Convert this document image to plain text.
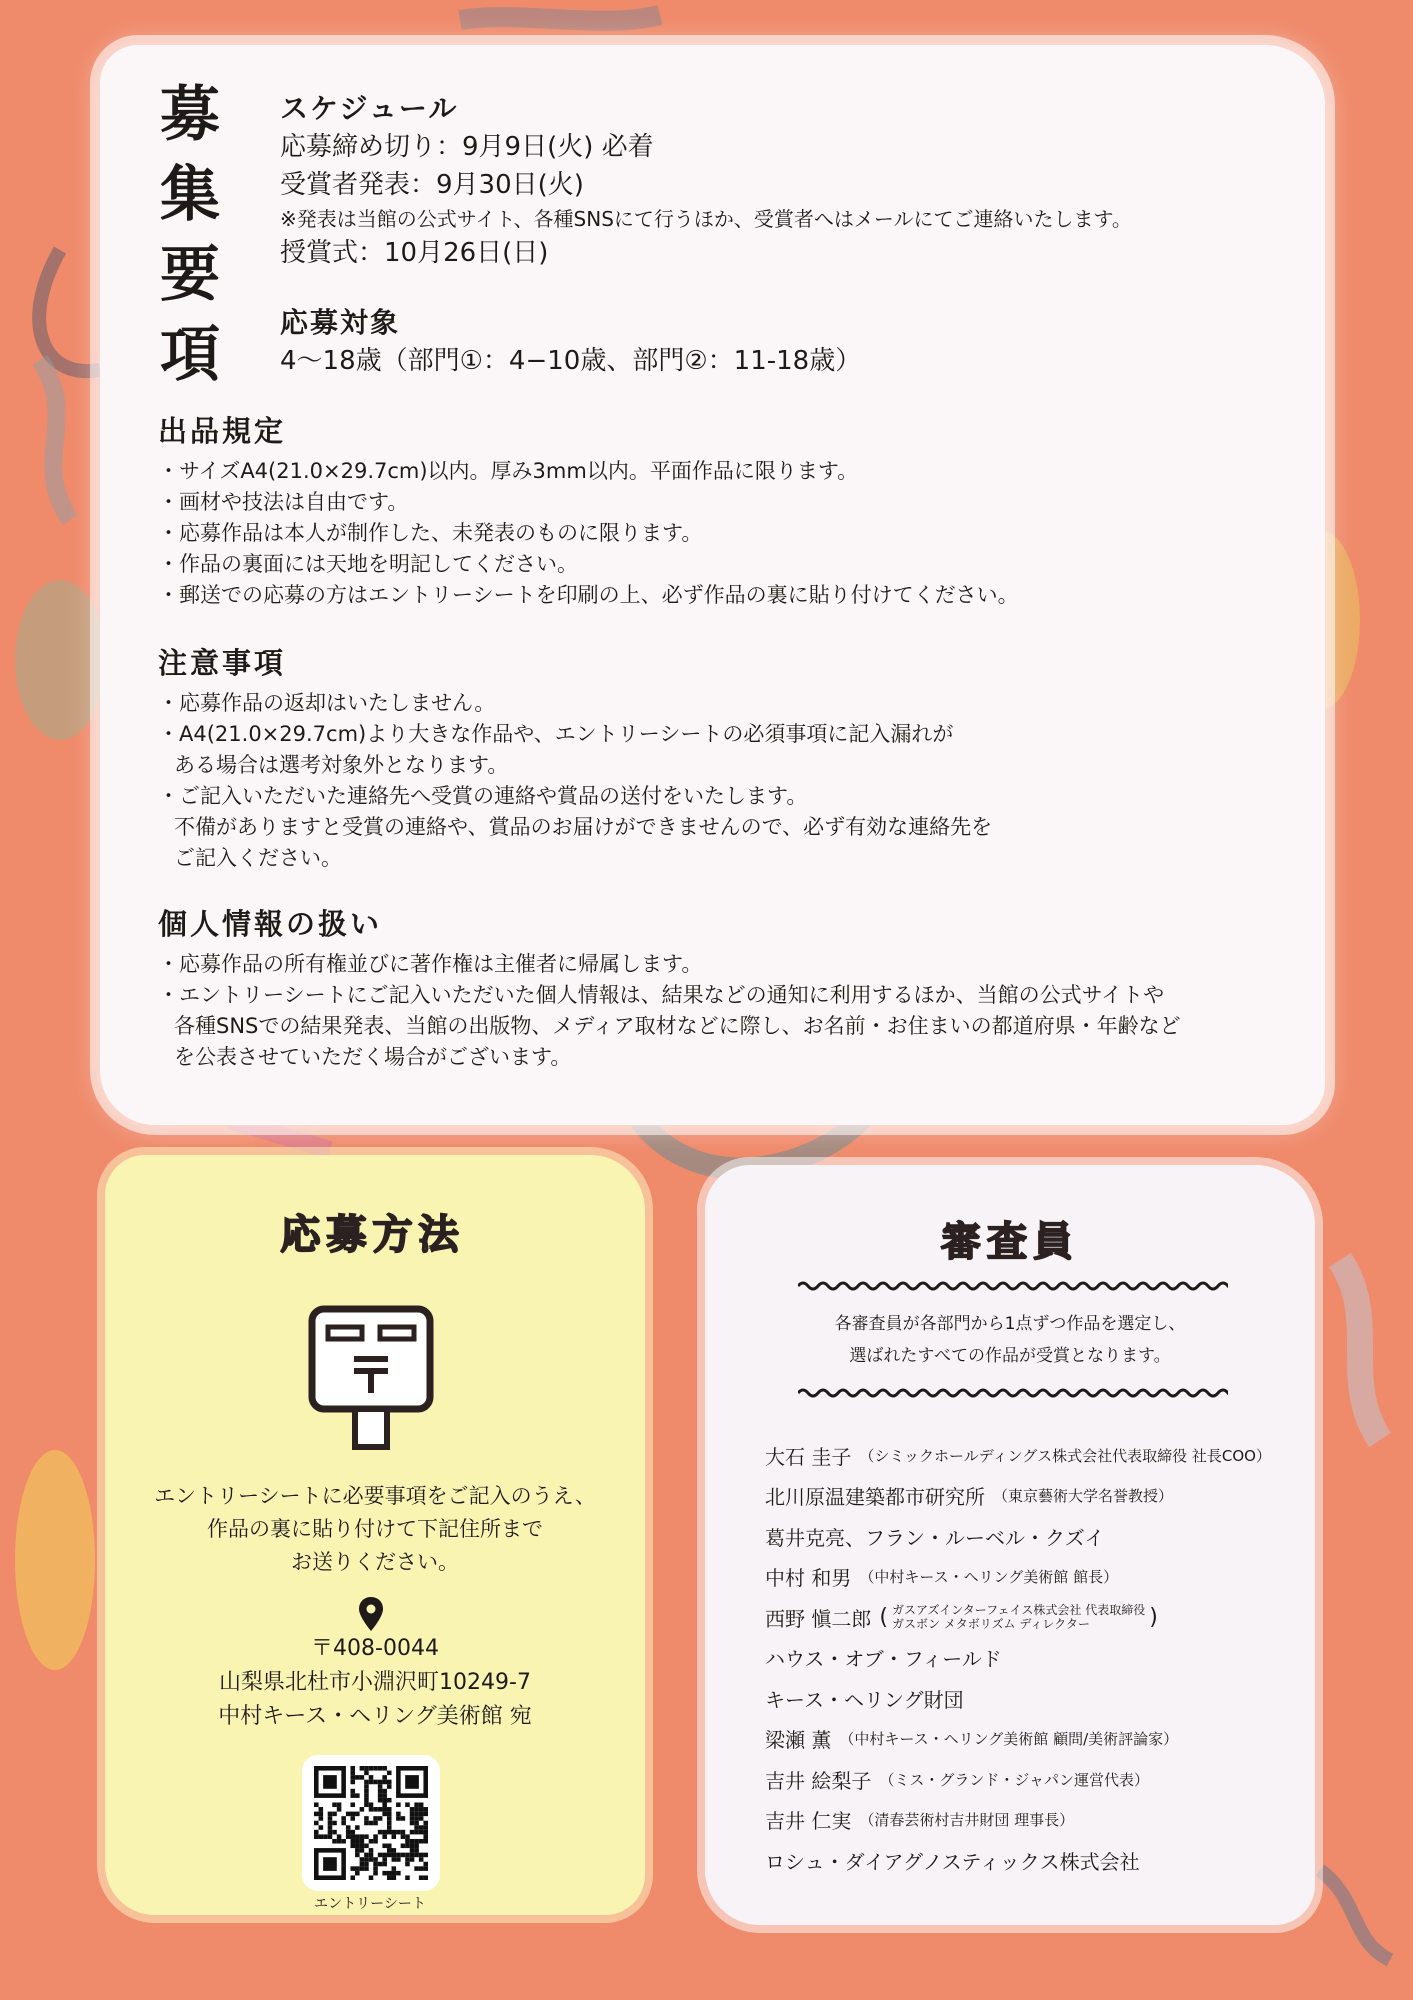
募
集
要
項
スケジュール
応募締め切り：9月9日(火) 必着
受賞者発表：9月30日(火)
※発表は当館の公式サイト、各種SNSにて行うほか、受賞者へはメールにてご連絡いたします。
授賞式：10月26日(日)
応募対象
4〜18歳（部門①：4−10歳、部門②：11-18歳）
出品規定
・サイズA4(21.0×29.7cm)以内。厚み3mm以内。平面作品に限ります。
・画材や技法は自由です。
・応募作品は本人が制作した、未発表のものに限ります。
・作品の裏面には天地を明記してください。
・郵送での応募の方はエントリーシートを印刷の上、必ず作品の裏に貼り付けてください。
注意事項
・応募作品の返却はいたしません。
・A4(21.0×29.7cm)より大きな作品や、エントリーシートの必須事項に記入漏れが
ある場合は選考対象外となります。
・ご記入いただいた連絡先へ受賞の連絡や賞品の送付をいたします。
不備がありますと受賞の連絡や、賞品のお届けができませんので、必ず有効な連絡先を
ご記入ください。
個人情報の扱い
・応募作品の所有権並びに著作権は主催者に帰属します。
・エントリーシートにご記入いただいた個人情報は、結果などの通知に利用するほか、当館の公式サイトや
各種SNSでの結果発表、当館の出版物、メディア取材などに際し、お名前・お住まいの都道府県・年齢など
を公表させていただく場合がございます。
応募方法
エントリーシートに必要事項をご記入のうえ、
作品の裏に貼り付けて下記住所まで
お送りください。
〒408-0044
山梨県北杜市小淵沢町10249-7
中村キース・ヘリング美術館 宛
エントリーシート
審査員
各審査員が各部門から1点ずつ作品を選定し、
選ばれたすべての作品が受賞となります。
大石 圭子 （シミックホールディングス株式会社代表取締役 社長COO）
北川原温建築都市研究所 （東京藝術大学名誉教授）
葛井克亮、フラン・ルーベル・クズイ
中村 和男 （中村キース・ヘリング美術館 館長）
西野 愼二郎 ( ガスアズインターフェイス株式会社 代表取締役
ガスボン メタボリズム ディレクター	)
ハウス・オブ・フィールド
キース・ヘリング財団
梁瀬 薫 （中村キース・ヘリング美術館 顧問/美術評論家）
吉井 絵梨子 （ミス・グランド・ジャパン運営代表）
吉井 仁実 （清春芸術村吉井財団 理事長）
ロシュ・ダイアグノスティックス株式会社
